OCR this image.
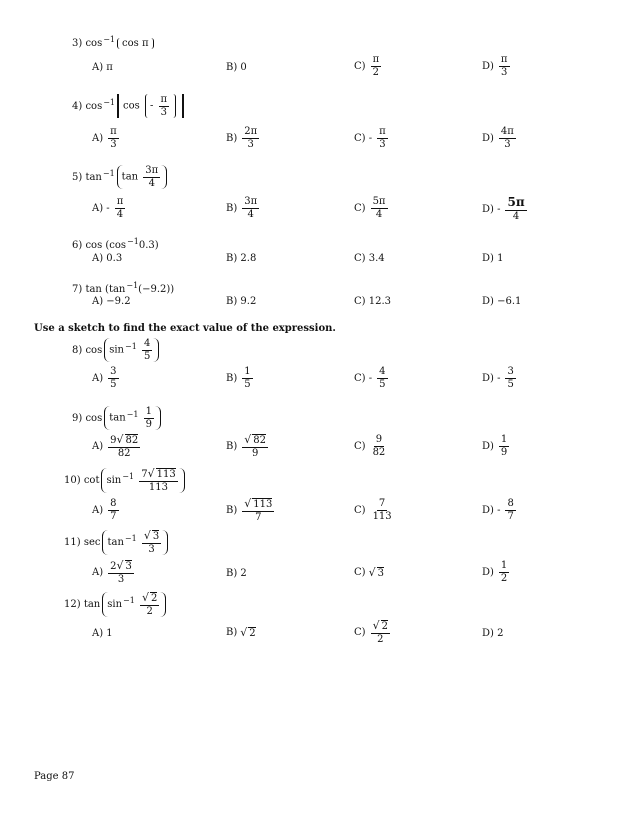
3)
cos −1 cos π
A) π	B) 0	$C) \frac{\pi}{2}$	$D) \frac{\pi}{3}$
4)
cos −1 cos - $\frac{\pi}{3}$
$A) \frac{\pi}{3}$	$B) \frac{2\pi}{3}$	$C) - \frac{\pi}{3}$	$D) \frac{4\pi}{3}$
5)
tan −1 $\tan \frac{3\pi}{4}$
$A) - \frac{\pi}{4}$	$B) \frac{3\pi}{4}$	$C) \frac{5\pi}{4}$	$D) - \frac{5\pi}{4}$
6) cos (cos −1 0.3)
A) 0.3	B) 2.8	C) 3.4	D) 1
7) tan (tan −1 (−9.2))
A) −9.2	B) 9.2	C) 12.3	D) −6.1
Use a sketch to find the exact value of the expression.
8)
$\cos \sin^{-1} \frac{4}{5}$
$A) \frac{3}{5}$	$B) \frac{1}{5}$	$C) - \frac{4}{5}$	$D) - \frac{3}{5}$
9)
$\cos \tan^{-1} \frac{1}{9}$
$A) \frac{9√ 82}{82}$	$B) \frac{√ 82}{9}$	$C) \frac{9}{82}$	$D) \frac{1}{9}$
10)
$\cot \sin^{-1} \frac{7√ 113}{113}$
$A) \frac{8}{7}$	$B) \frac{√ 113}{7}$	$C) \frac{7}{113}$	$D) - \frac{8}{7}$
11)
$\sec \tan^{-1} \frac{√ 3}{3}$
$A) \frac{2√ 3}{3}$	B) 2	C) √ 3	$D) \frac{1}{2}$
12)
$\tan \sin^{-1} \frac{√ 2}{2}$
A) 1	B) √ 2	$C) \frac{√ 2}{2}$	D) 2
Page 87
